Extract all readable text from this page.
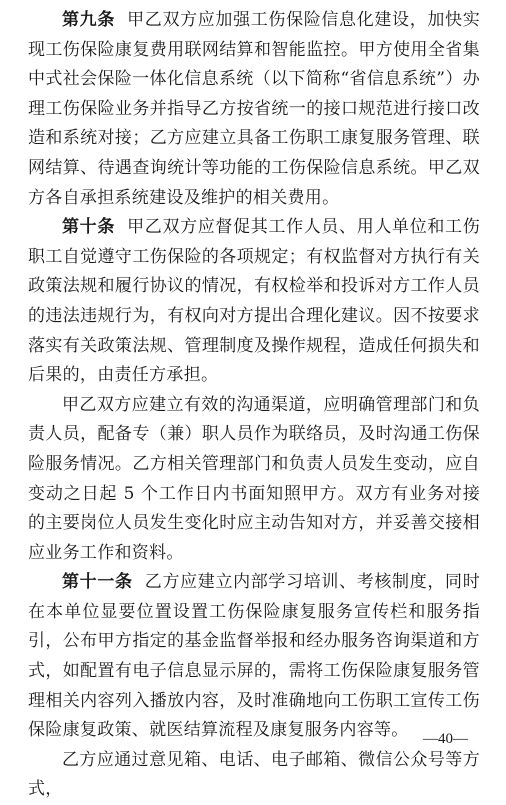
第九条 甲乙双方应加强工伤保险信息化建设，加快实现工伤保险康复费用联网结算和智能监控。甲方使用全省集中式社会保险一体化信息系统（以下简称“省信息系统”）办理工伤保险业务并指导乙方按省统一的接口规范进行接口改造和系统对接；乙方应建立具备工伤职工康复服务管理、联网结算、待遇查询统计等功能的工伤保险信息系统。甲乙双方各自承担系统建设及维护的相关费用。

第十条 甲乙双方应督促其工作人员、用人单位和工伤职工自觉遵守工伤保险的各项规定；有权监督对方执行有关政策法规和履行协议的情况，有权检举和投诉对方工作人员的违法违规行为，有权向对方提出合理化建议。因不按要求落实有关政策法规、管理制度及操作规程，造成任何损失和后果的，由责任方承担。

甲乙双方应建立有效的沟通渠道，应明确管理部门和负责人员，配备专（兼）职人员作为联络员，及时沟通工伤保险服务情况。乙方相关管理部门和负责人员发生变动，应自变动之日起 5 个工作日内书面知照甲方。双方有业务对接的主要岗位人员发生变化时应主动告知对方，并妥善交接相应业务工作和资料。

第十一条 乙方应建立内部学习培训、考核制度，同时在本单位显要位置设置工伤保险康复服务宣传栏和服务指引，公布甲方指定的基金监督举报和经办服务咨询渠道和方式，如配置有电子信息显示屏的，需将工伤保险康复服务管理相关内容列入播放内容，及时准确地向工伤职工宣传工伤保险康复政策、就医结算流程及康复服务内容等。

乙方应通过意见箱、电话、电子邮箱、微信公众号等方式，

—40—
